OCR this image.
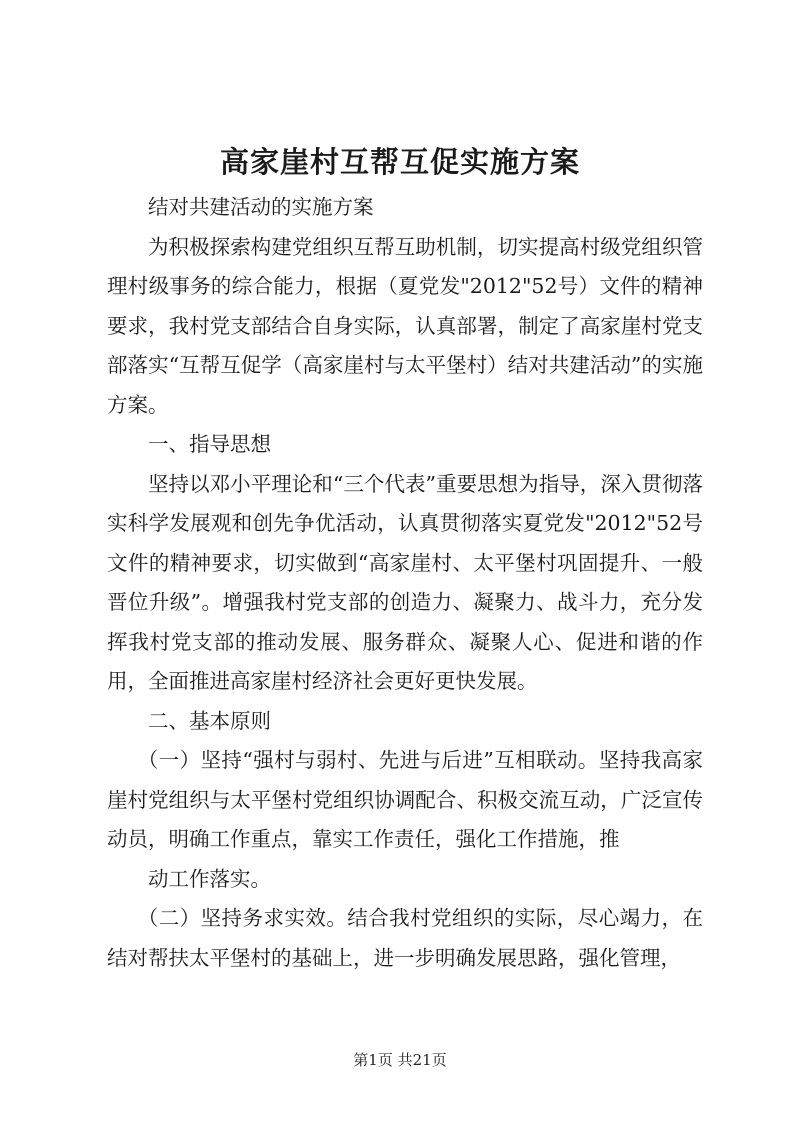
高家崖村互帮互促实施方案

结对共建活动的实施方案

为积极探索构建党组织互帮互助机制，切实提高村级党组织管理村级事务的综合能力，根据（夏党发"2012"52号）文件的精神要求，我村党支部结合自身实际，认真部署，制定了高家崖村党支部落实“互帮互促学（高家崖村与太平堡村）结对共建活动”的实施方案。

一、指导思想

坚持以邓小平理论和“三个代表”重要思想为指导，深入贯彻落实科学发展观和创先争优活动，认真贯彻落实夏党发"2012"52号文件的精神要求，切实做到“高家崖村、太平堡村巩固提升、一般晋位升级”。增强我村党支部的创造力、凝聚力、战斗力，充分发挥我村党支部的推动发展、服务群众、凝聚人心、促进和谐的作用，全面推进高家崖村经济社会更好更快发展。

二、基本原则

（一）坚持“强村与弱村、先进与后进”互相联动。坚持我高家崖村党组织与太平堡村党组织协调配合、积极交流互动，广泛宣传动员，明确工作重点，靠实工作责任，强化工作措施，推

动工作落实。

（二）坚持务求实效。结合我村党组织的实际，尽心竭力，在结对帮扶太平堡村的基础上，进一步明确发展思路，强化管理，

第1页 共21页
